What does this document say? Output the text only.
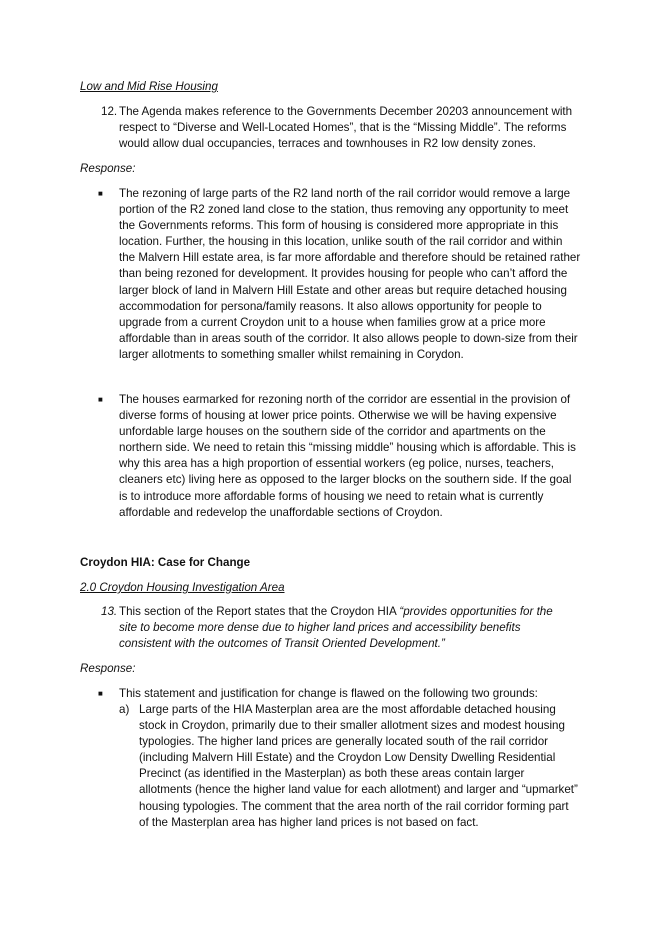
Low and Mid Rise Housing
12. The Agenda makes reference to the Governments December 20203 announcement with respect to “Diverse and Well-Located Homes”, that is the “Missing Middle”. The reforms would allow dual occupancies, terraces and townhouses in R2 low density zones.
Response:
■ The rezoning of large parts of the R2 land north of the rail corridor would remove a large portion of the R2 zoned land close to the station, thus removing any opportunity to meet the Governments reforms. This form of housing is considered more appropriate in this location. Further, the housing in this location, unlike south of the rail corridor and within the Malvern Hill estate area, is far more affordable and therefore should be retained rather than being rezoned for development. It provides housing for people who can’t afford the larger block of land in Malvern Hill Estate and other areas but require detached housing accommodation for persona/family reasons. It also allows opportunity for people to upgrade from a current Croydon unit to a house when families grow at a price more affordable than in areas south of the corridor. It also allows people to down-size from their larger allotments to something smaller whilst remaining in Corydon.
■ The houses earmarked for rezoning north of the corridor are essential in the provision of diverse forms of housing at lower price points. Otherwise we will be having expensive unfordable large houses on the southern side of the corridor and apartments on the northern side. We need to retain this “missing middle” housing which is affordable. This is why this area has a high proportion of essential workers (eg police, nurses, teachers, cleaners etc) living here as opposed to the larger blocks on the southern side. If the goal is to introduce more affordable forms of housing we need to retain what is currently affordable and redevelop the unaffordable sections of Croydon.
Croydon HIA: Case for Change
2.0 Croydon Housing Investigation Area
13. This section of the Report states that the Croydon HIA “provides opportunities for the site to become more dense due to higher land prices and accessibility benefits consistent with the outcomes of Transit Oriented Development.”
Response:
■ This statement and justification for change is flawed on the following two grounds:
a) Large parts of the HIA Masterplan area are the most affordable detached housing stock in Croydon, primarily due to their smaller allotment sizes and modest housing typologies. The higher land prices are generally located south of the rail corridor (including Malvern Hill Estate) and the Croydon Low Density Dwelling Residential Precinct (as identified in the Masterplan) as both these areas contain larger allotments (hence the higher land value for each allotment) and larger and “upmarket” housing typologies. The comment that the area north of the rail corridor forming part of the Masterplan area has higher land prices is not based on fact.
